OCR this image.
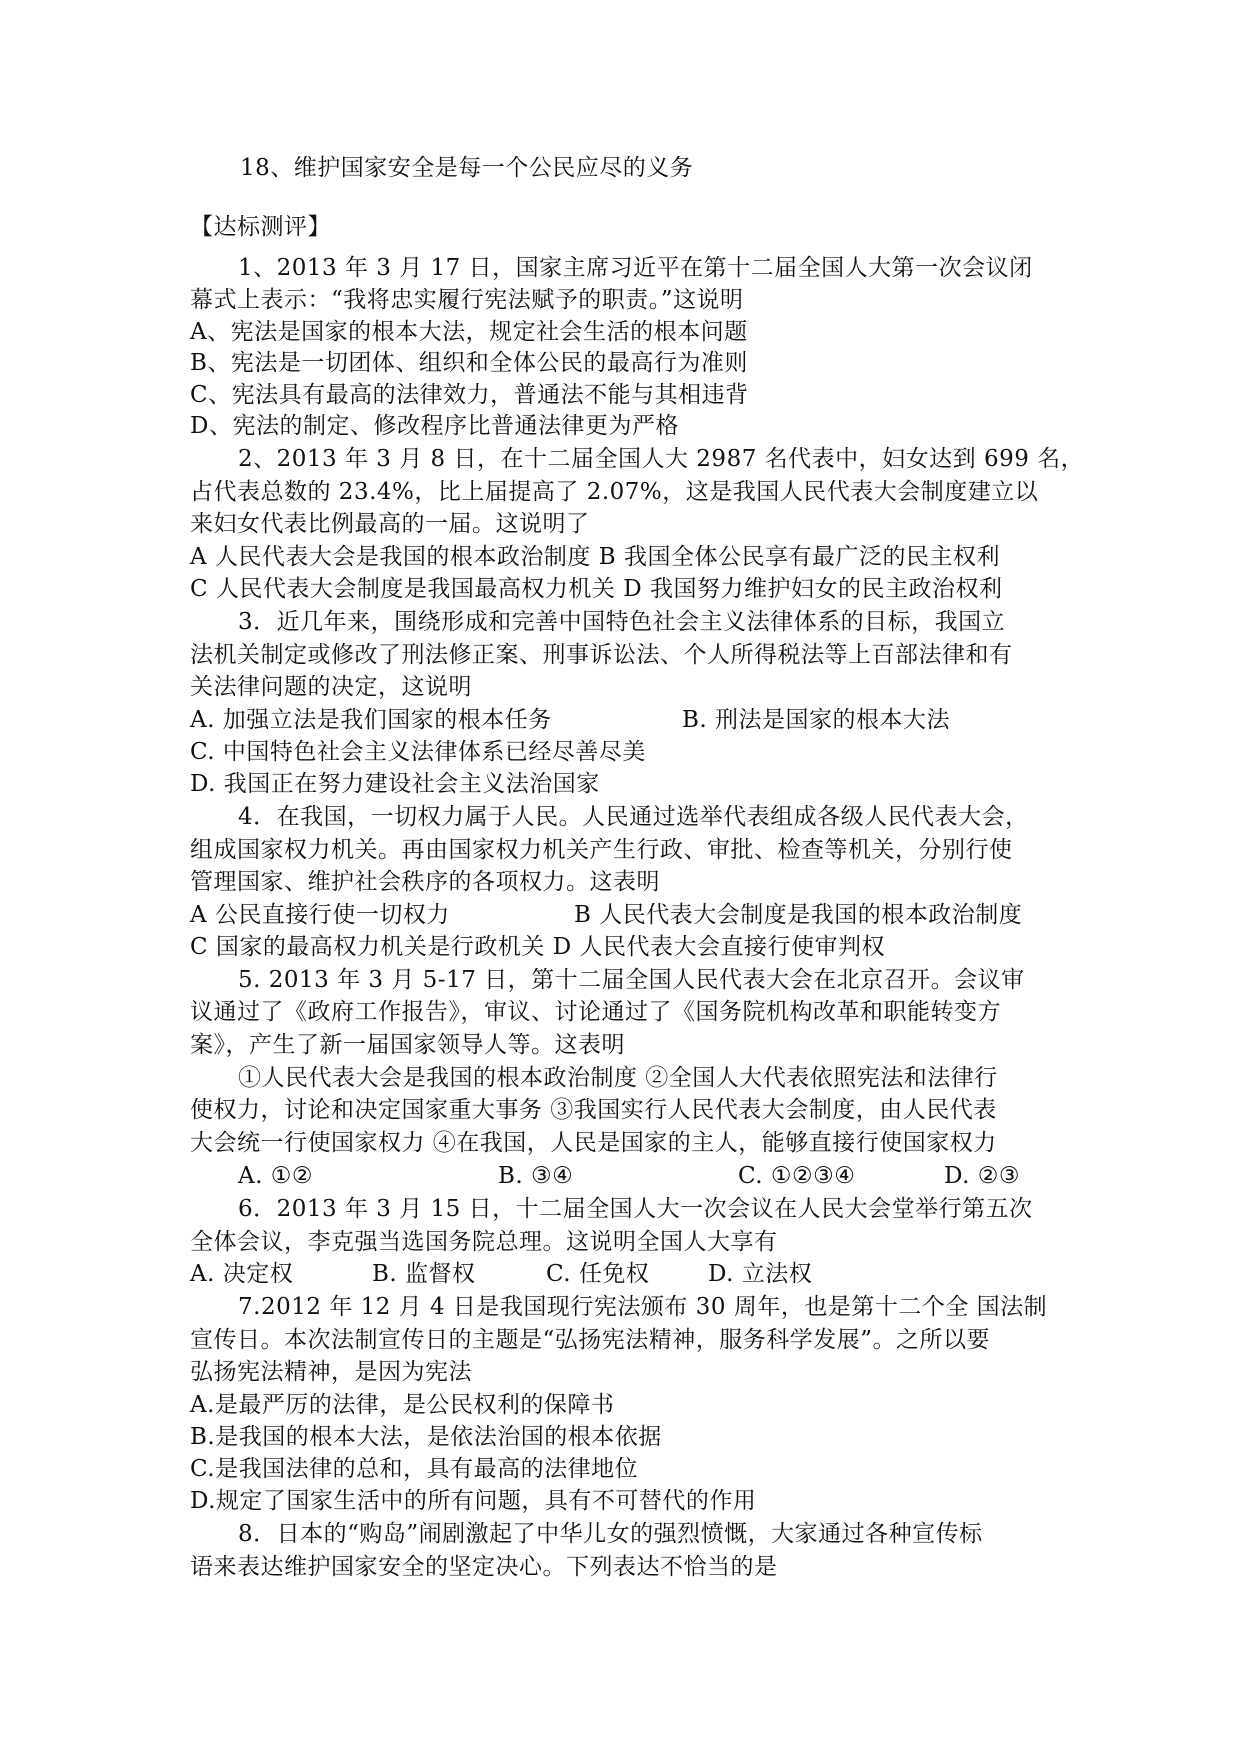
18、维护国家安全是每一个公民应尽的义务
【达标测评】
1、2013 年 3 月 17 日，国家主席习近平在第十二届全国人大第一次会议闭
幕式上表示：“我将忠实履行宪法赋予的职责。”这说明
A、宪法是国家的根本大法，规定社会生活的根本问题
B、宪法是一切团体、组织和全体公民的最高行为准则
C、宪法具有最高的法律效力，普通法不能与其相违背
D、宪法的制定、修改程序比普通法律更为严格
2、2013 年 3 月 8 日，在十二届全国人大 2987 名代表中，妇女达到 699 名，
占代表总数的 23.4%，比上届提高了 2.07%，这是我国人民代表大会制度建立以
来妇女代表比例最高的一届。这说明了
A 人民代表大会是我国的根本政治制度 B 我国全体公民享有最广泛的民主权利
C 人民代表大会制度是我国最高权力机关 D 我国努力维护妇女的民主政治权利
3．近几年来，围绕形成和完善中国特色社会主义法律体系的目标，我国立
法机关制定或修改了刑法修正案、刑事诉讼法、个人所得税法等上百部法律和有
关法律问题的决定，这说明
A. 加强立法是我们国家的根本任务	B. 刑法是国家的根本大法
C. 中国特色社会主义法律体系已经尽善尽美
D. 我国正在努力建设社会主义法治国家
4．在我国，一切权力属于人民。人民通过选举代表组成各级人民代表大会，
组成国家权力机关。再由国家权力机关产生行政、审批、检查等机关，分别行使
管理国家、维护社会秩序的各项权力。这表明
A 公民直接行使一切权力	B 人民代表大会制度是我国的根本政治制度
C 国家的最高权力机关是行政机关 D 人民代表大会直接行使审判权
5. 2013 年 3 月 5-17 日，第十二届全国人民代表大会在北京召开。会议审
议通过了《政府工作报告》，审议、讨论通过了《国务院机构改革和职能转变方
案》，产生了新一届国家领导人等。这表明
①人民代表大会是我国的根本政治制度 ②全国人大代表依照宪法和法律行
使权力，讨论和决定国家重大事务 ③我国实行人民代表大会制度，由人民代表
大会统一行使国家权力 ④在我国，人民是国家的主人，能够直接行使国家权力
A. ①②	B. ③④	C. ①②③④	D. ②③
6．2013 年 3 月 15 日，十二届全国人大一次会议在人民大会堂举行第五次
全体会议，李克强当选国务院总理。这说明全国人大享有
A. 决定权	B. 监督权	C. 任免权	D. 立法权
7.2012 年 12 月 4 日是我国现行宪法颁布 30 周年，也是第十二个全 国法制
宣传日。本次法制宣传日的主题是“弘扬宪法精神，服务科学发展”。之所以要
弘扬宪法精神，是因为宪法
A.是最严厉的法律，是公民权利的保障书
B.是我国的根本大法，是依法治国的根本依据
C.是我国法律的总和，具有最高的法律地位
D.规定了国家生活中的所有问题，具有不可替代的作用
8．日本的“购岛”闹剧激起了中华儿女的强烈愤慨，大家通过各种宣传标
语来表达维护国家安全的坚定决心。下列表达不恰当的是
